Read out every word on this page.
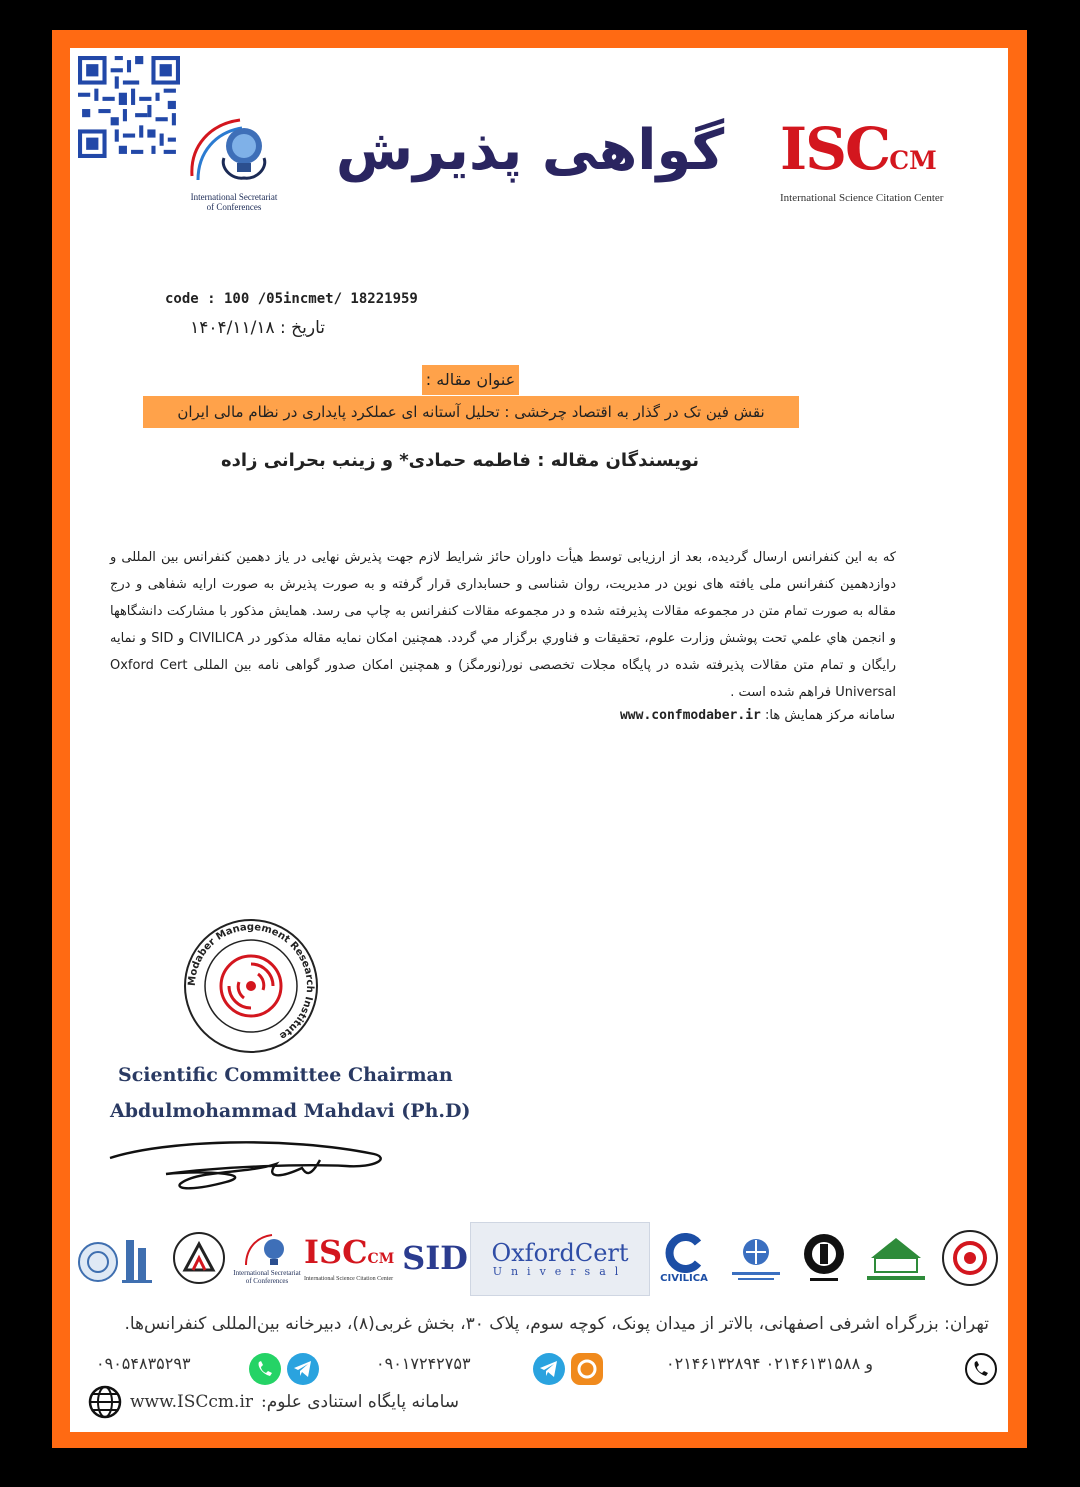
International Secretariat
of Conferences
گواهی پذیرش ISCCM
International Science Citation Center
code : 100 /05incmet/ 18221959
تاریخ : ۱۴۰۴/۱۱/۱۸
عنوان مقاله :
نقش فین تک در گذار به اقتصاد چرخشی : تحلیل آستانه ای عملکرد پایداری در نظام مالی ایران
نویسندگان مقاله : فاطمه حمادی* و زینب بحرانی زاده
که به این کنفرانس ارسال گردیده، بعد از ارزیابی توسط هیأت داوران حائز شرایط لازم جهت پذیرش نهایی در یاز دهمین کنفرانس بین المللی و دوازدهمین کنفرانس ملی یافته های نوین در مدیریت، روان شناسی و حسابداری قرار گرفته و به صورت پذیرش به صورت ارایه شفاهی و درج مقاله به صورت تمام متن در مجموعه مقالات پذیرفته شده و در مجموعه مقالات کنفرانس به چاپ می رسد. همایش مذکور با مشارکت دانشگاهها و انجمن هاي علمي تحت پوشش وزارت علوم، تحقیقات و فناوري برگزار مي گردد. همچنین امکان نمایه مقاله مذکور در CIVILICA و SID و نمایه رایگان و تمام متن مقالات پذیرفته شده در پایگاه مجلات تخصصی نور(نورمگز) و همچنین امکان صدور گواهی نامه بین المللی Oxford Cert Universal فراهم شده است .
سامانه مرکز همایش ها: www.confmodaber.ir
Modaber Management Research Institute
Scientific Committee Chairman
Abdulmohammad Mahdavi (Ph.D)
International Secretariat
of Conferences
ISCCM
International Science Citation Center
SID OxfordCert
Universal
CIVILICA
تهران: بزرگراه اشرفی اصفهانی، بالاتر از میدان پونک، کوچه سوم، پلاک ۳۰، بخش غربی(۸)، دبیرخانه بین‌المللی کنفرانس‌ها.
۰۹۰۵۴۸۳۵۲۹۳	۰۹۰۱۷۲۴۲۷۵۳	۰۲۱۴۶۱۳۲۸۹۴ و ۰۲۱۴۶۱۳۱۵۸۸
www.ISCcm.ir سامانه پایگاه استنادی علوم:
